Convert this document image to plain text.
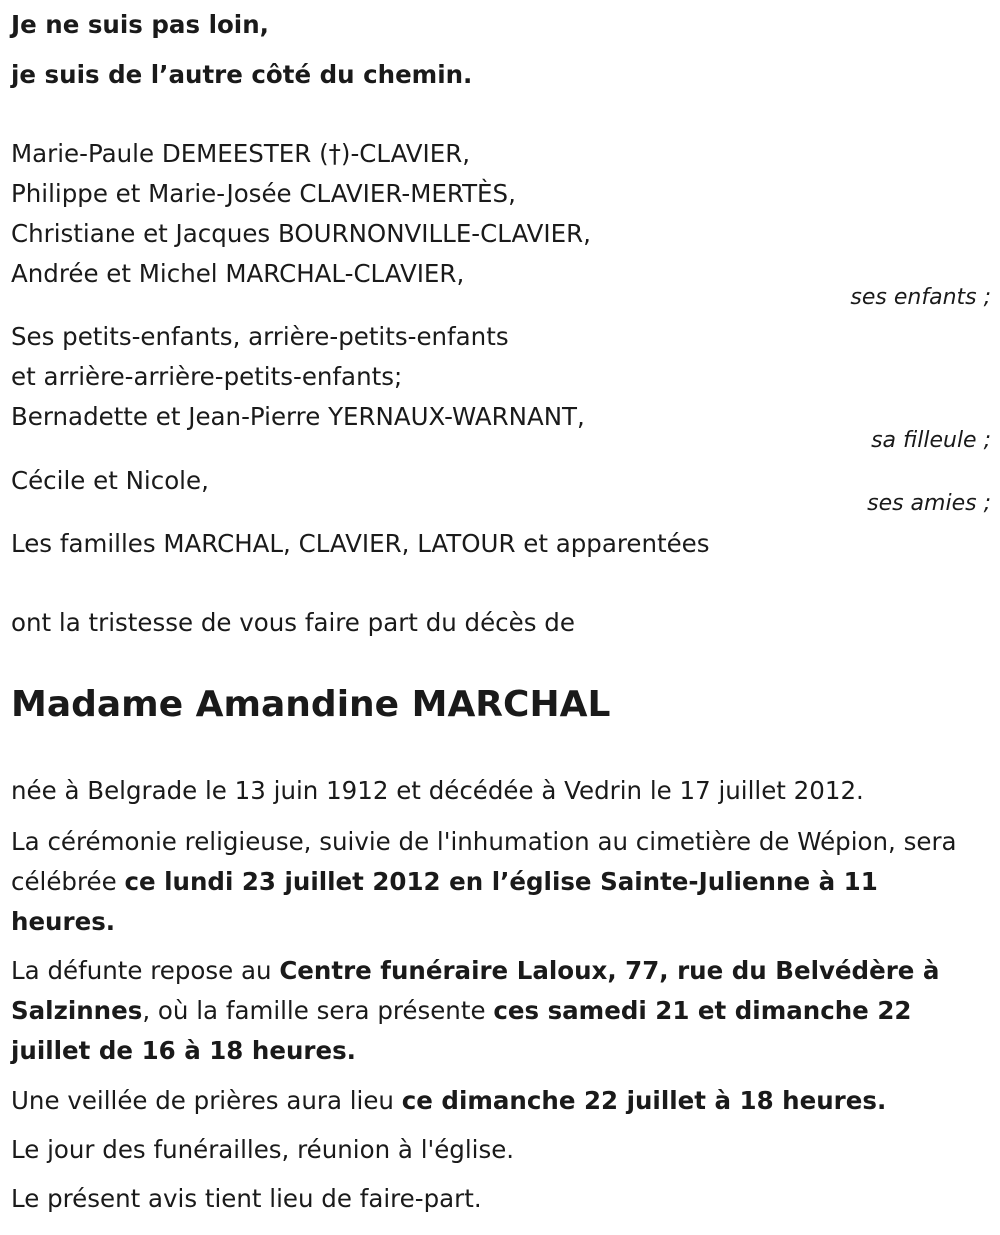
Je ne suis pas loin,
je suis de l’autre côté du chemin.
Marie-Paule DEMEESTER (†)-CLAVIER,
Philippe et Marie-Josée CLAVIER-MERTÈS,
Christiane et Jacques BOURNONVILLE-CLAVIER,
Andrée et Michel MARCHAL-CLAVIER,
ses enfants ;
Ses petits-enfants, arrière-petits-enfants
et arrière-arrière-petits-enfants;
Bernadette et Jean-Pierre YERNAUX-WARNANT,
sa filleule ;
Cécile et Nicole,
ses amies ;
Les familles MARCHAL, CLAVIER, LATOUR et apparentées
ont la tristesse de vous faire part du décès de
Madame Amandine MARCHAL
née à Belgrade le 13 juin 1912 et décédée à Vedrin le 17 juillet 2012.
La cérémonie religieuse, suivie de l'inhumation au cimetière de Wépion, sera célébrée ce lundi 23 juillet 2012 en l’église Sainte-Julienne à 11 heures.
La défunte repose au Centre funéraire Laloux, 77, rue du Belvédère à Salzinnes, où la famille sera présente ces samedi 21 et dimanche 22 juillet de 16 à 18 heures.
Une veillée de prières aura lieu ce dimanche 22 juillet à 18 heures.
Le jour des funérailles, réunion à l'église.
Le présent avis tient lieu de faire-part.
